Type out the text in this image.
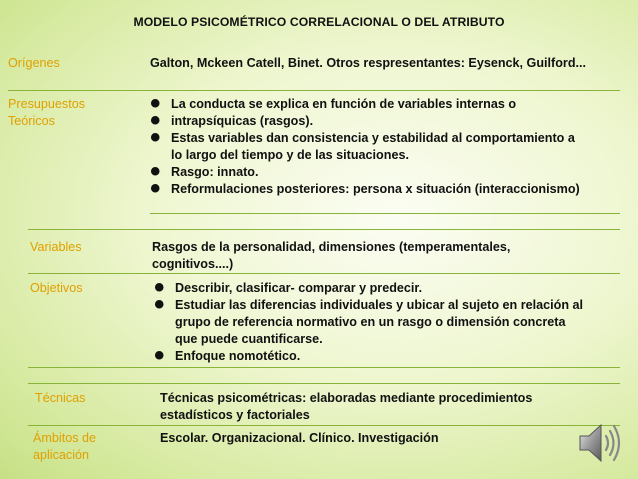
MODELO PSICOMÉTRICO CORRELACIONAL O DEL ATRIBUTO
Orígenes	Galton, Mckeen Catell, Binet. Otros respresentantes: Eysenck, Guilford...
Presupuestos Teóricos
• La conducta se explica en función de variables internas o
• intrapsíquicas (rasgos).
• Estas variables dan consistencia y estabilidad al comportamiento a lo largo del tiempo y de las situaciones.
• Rasgo: innato.
• Reformulaciones posteriores: persona x situación (interaccionismo)
Variables	Rasgos de la personalidad, dimensiones (temperamentales, cognitivos....)
Objetivos
•	Describir, clasificar- comparar y predecir.
• Estudiar las diferencias individuales y ubicar al sujeto en relación al grupo de referencia normativo en un rasgo o dimensión concreta que puede cuantificarse.
• Enfoque nomotético.
Técnicas	Técnicas psicométricas: elaboradas mediante procedimientos estadísticos y factoriales
Ámbitos de aplicación
Escolar. Organizacional. Clínico. Investigación
